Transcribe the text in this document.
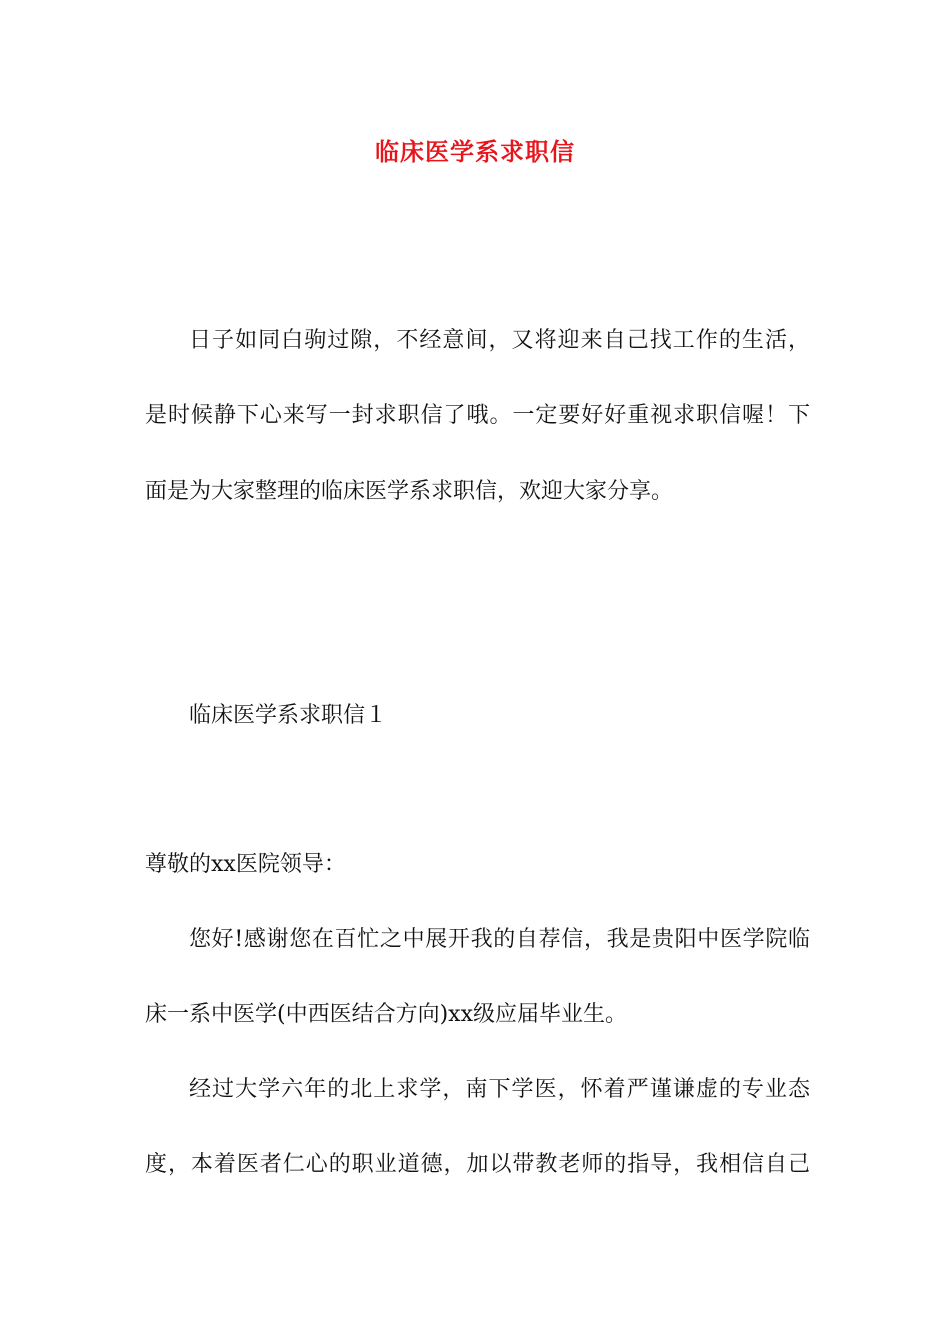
临床医学系求职信
日子如同白驹过隙，不经意间，又将迎来自己找工作的生活，
是时候静下心来写一封求职信了哦。一定要好好重视求职信喔！下
面是为大家整理的临床医学系求职信，欢迎大家分享。
临床医学系求职信１
尊敬的xx医院领导：
您好!感谢您在百忙之中展开我的自荐信，我是贵阳中医学院临
床一系中医学(中西医结合方向)xx级应届毕业生。
经过大学六年的北上求学，南下学医，怀着严谨谦虚的专业态
度，本着医者仁心的职业道德，加以带教老师的指导，我相信自己
